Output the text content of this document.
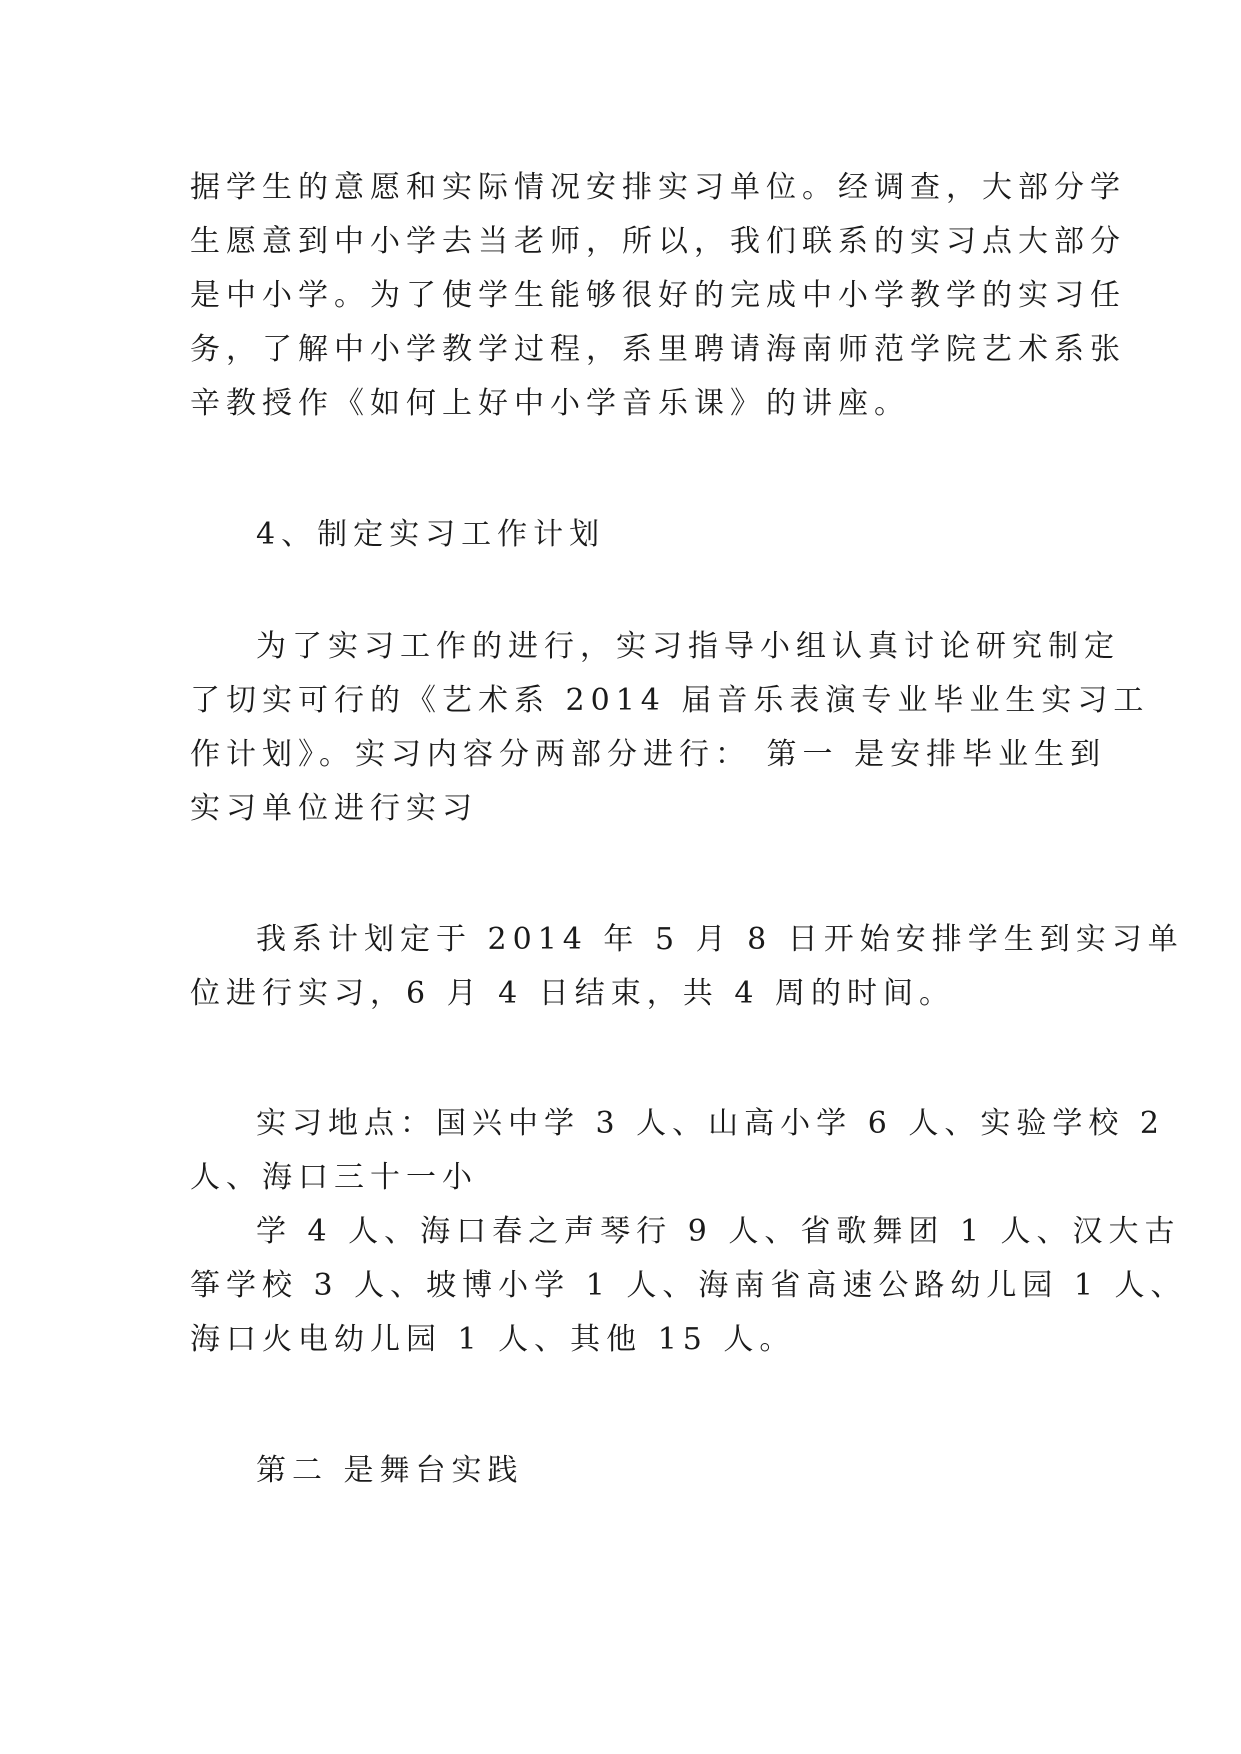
据学生的意愿和实际情况安排实习单位。经调查，大部分学

生愿意到中小学去当老师，所以，我们联系的实习点大部分

是中小学。为了使学生能够很好的完成中小学教学的实习任

务，了解中小学教学过程，系里聘请海南师范学院艺术系张

辛教授作《如何上好中小学音乐课》的讲座。

4、制定实习工作计划

为了实习工作的进行，实习指导小组认真讨论研究制定

了切实可行的《艺术系 2014 届音乐表演专业毕业生实习工

作计划》。实习内容分两部分进行： 第一 是安排毕业生到

实习单位进行实习

我系计划定于 2014 年 5 月 8 日开始安排学生到实习单

位进行实习，6 月 4 日结束，共 4 周的时间。

实习地点：国兴中学 3 人、山高小学 6 人、实验学校 2

人、海口三十一小

学 4 人、海口春之声琴行 9 人、省歌舞团 1 人、汉大古

筝学校 3 人、坡博小学 1 人、海南省高速公路幼儿园 1 人、

海口火电幼儿园 1 人、其他 15 人。

第二 是舞台实践
